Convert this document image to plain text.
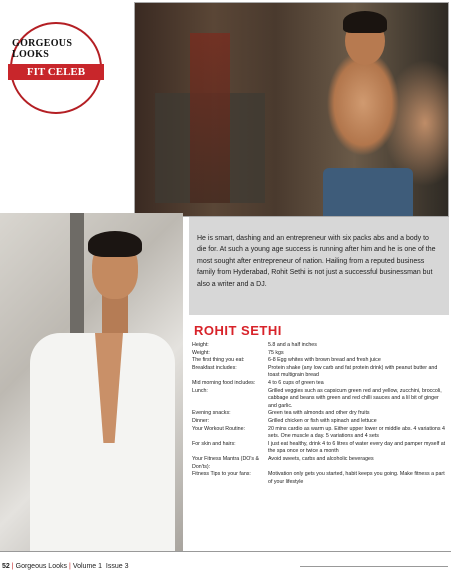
GORGEOUS LOOKS
FIT CELEB

He is smart, dashing and an entrepreneur with six packs abs and a body to die for. At such a young age success is running after him and he is one of the most sought after entrepreneur of nation. Hailing from a reputed business family from Hyderabad, Rohit Sethi is not just a successful businessman but also a writer and a DJ.

ROHIT SETHI
Height:	5.8 and a half inches
Weight:	75 kgs
The first thing you eat:	6-8 Egg whites with brown bread and fresh juice
Breakfast includes:	Protein shake (any low carb and fat protein drink) with peanut butter and toast multigrain bread
Mid morning food includes:	4 to 6 cups of green tea
Lunch:	Grilled veggies such as capsicum green red and yellow, zucchini, broccoli, cabbage and beans with green and red chilli sauces and a lil bit of ginger and garlic.
Evening snacks:	Green tea with almonds and other dry fruits
Dinner:	Grilled chicken or fish with spinach and lettuce
Your Workout Routine:	20 mins cardio as warm up. Either upper lower or middle abs. 4 variations 4 sets. One muscle a day. 5 variations and 4 sets
For skin and hairs:	I just eat healthy, drink 4 to 6 litres of water every day and pamper myself at the spa once or twice a month
Your Fitness Mantra (DO's & Don'ts):
Avoid sweets, carbs and alcoholic beverages
Fitness Tips to your fans:	Motivation only gets you started, habit keeps you going. Make fitness a part of your lifestyle
52 | Gorgeous Looks | Volume 1 Issue 3
